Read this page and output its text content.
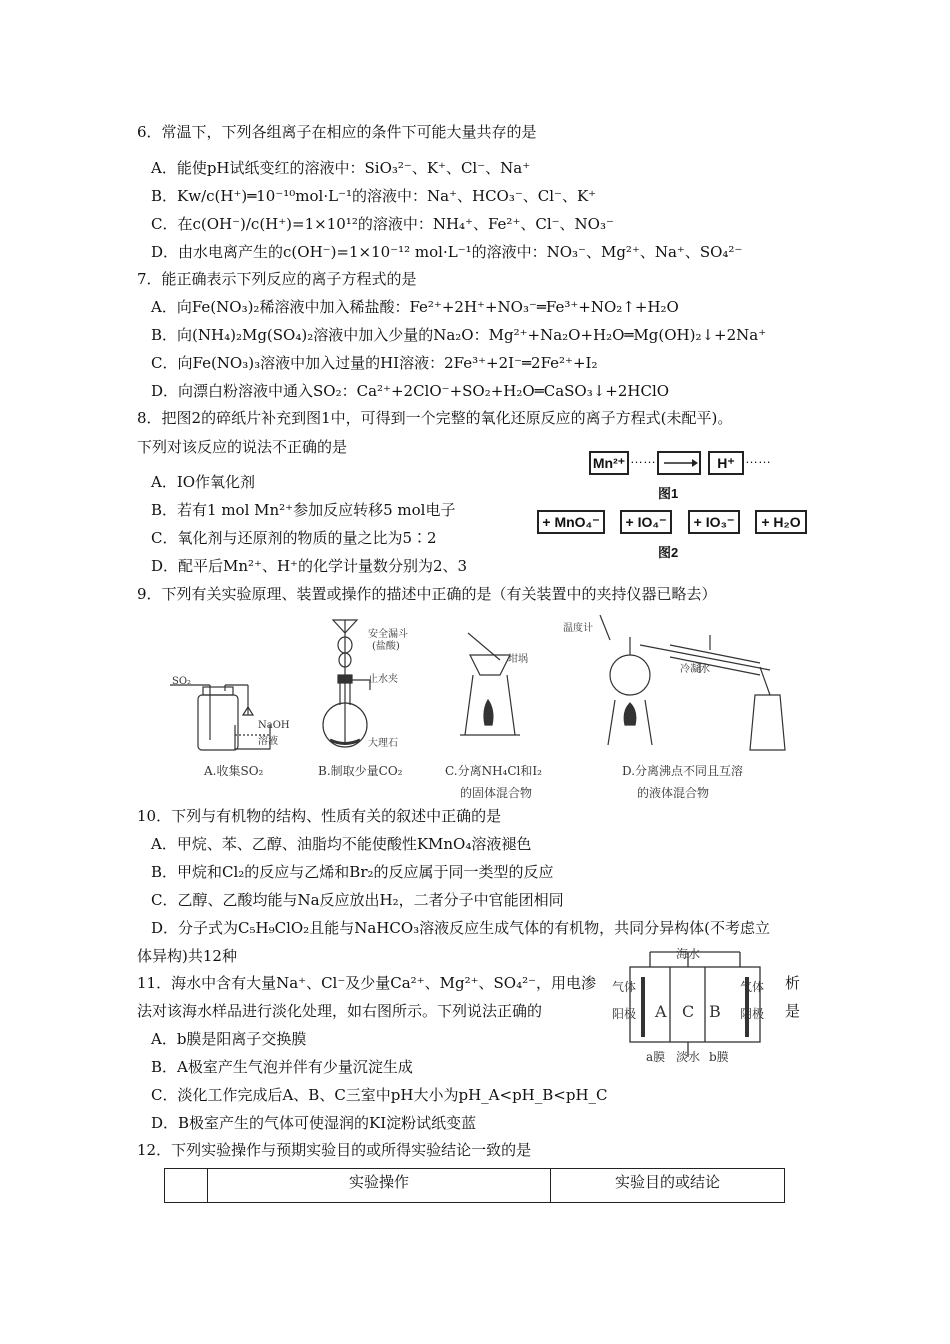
6．常温下，下列各组离子在相应的条件下可能大量共存的是
A．能使pH试纸变红的溶液中：SiO₃²⁻、K⁺、Cl⁻、Na⁺
B．Kw/c(H⁺)═10⁻¹⁰mol·L⁻¹的溶液中：Na⁺、HCO₃⁻、Cl⁻、K⁺
C．在c(OH⁻)/c(H⁺)=1×10¹²的溶液中：NH₄⁺、Fe²⁺、Cl⁻、NO₃⁻
D．由水电离产生的c(OH⁻)=1×10⁻¹² mol·L⁻¹的溶液中：NO₃⁻、Mg²⁺、Na⁺、SO₄²⁻
7．能正确表示下列反应的离子方程式的是
A．向Fe(NO₃)₂稀溶液中加入稀盐酸：Fe²⁺+2H⁺+NO₃⁻═Fe³⁺+NO₂↑+H₂O
B．向(NH₄)₂Mg(SO₄)₂溶液中加入少量的Na₂O：Mg²⁺+Na₂O+H₂O═Mg(OH)₂↓+2Na⁺
C．向Fe(NO₃)₃溶液中加入过量的HI溶液：2Fe³⁺+2I⁻═2Fe²⁺+I₂
D．向漂白粉溶液中通入SO₂：Ca²⁺+2ClO⁻+SO₂+H₂O═CaSO₃↓+2HClO
8．把图2的碎纸片补充到图1中，可得到一个完整的氧化还原反应的离子方程式(未配平)。
下列对该反应的说法不正确的是
A．IO作氧化剂
B．若有1 mol Mn²⁺参加反应转移5 mol电子
C．氧化剂与还原剂的物质的量之比为5∶2
D．配平后Mn²⁺、H⁺的化学计量数分别为2、3
Mn²⁺ ……	H⁺ ……
图1
+ MnO₄⁻	+ IO₄⁻	+ IO₃⁻	+ H₂O
图2
9．下列有关实验原理、装置或操作的描述中正确的是（有关装置中的夹持仪器已略去）
SO₂
NaOH
溶液
安全漏斗
(盐酸)
止水夹
大理石
坩埚
温度计
冷凝水
A.收集SO₂	B.制取少量CO₂	C.分离NH₄Cl和I₂
的固体混合物
D.分离沸点不同且互溶
的液体混合物
10．下列与有机物的结构、性质有关的叙述中正确的是
A．甲烷、苯、乙醇、油脂均不能使酸性KMnO₄溶液褪色
B．甲烷和Cl₂的反应与乙烯和Br₂的反应属于同一类型的反应
C．乙醇、乙酸均能与Na反应放出H₂，二者分子中官能团相同
D．分子式为C₅H₉ClO₂且能与NaHCO₃溶液反应生成气体的有机物，共同分异构体(不考虑立
体异构)共12种
11．海水中含有大量Na⁺、Cl⁻及少量Ca²⁺、Mg²⁺、SO₄²⁻，用电渗	析
法对该海水样品进行淡化处理，如右图所示。下列说法正确的	是
A．b膜是阳离子交换膜
B．A极室产生气泡并伴有少量沉淀生成
C．淡化工作完成后A、B、C三室中pH大小为pH_A<pH_B<pH_C
D．B极室产生的气体可使湿润的KI淀粉试纸变蓝
海水
气体	气体
阳极	阴极
A C B
a膜 淡水 b膜
12．下列实验操作与预期实验目的或所得实验结论一致的是
	实验操作	实验目的或结论
